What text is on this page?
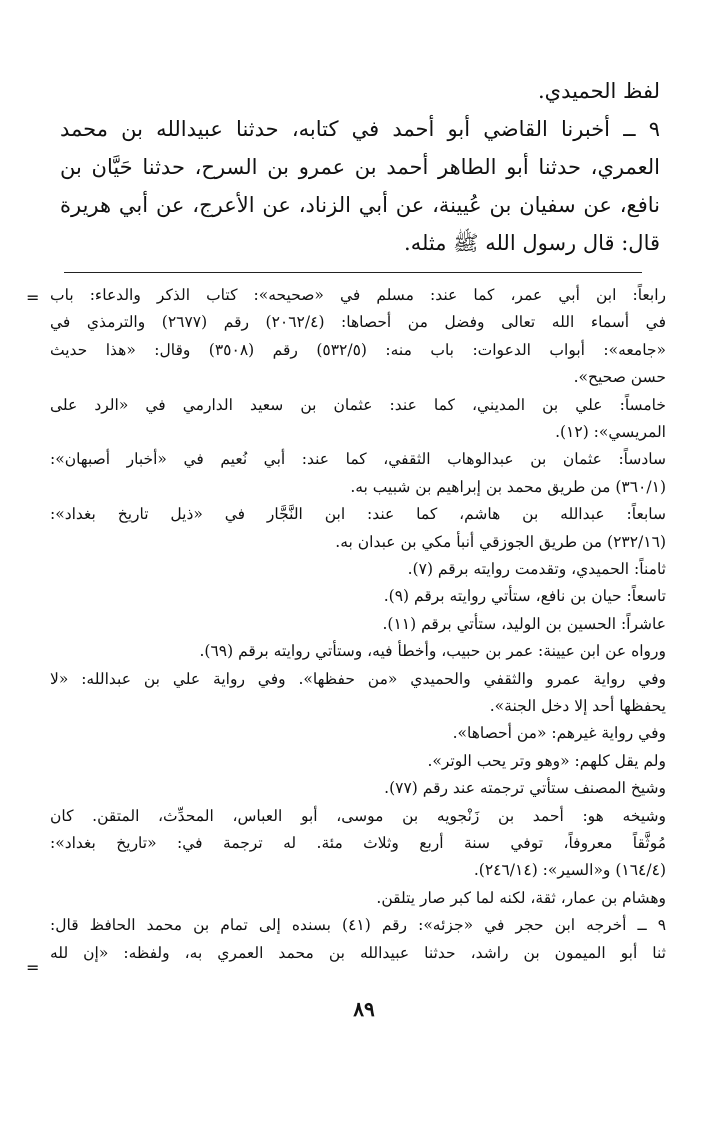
لفظ الحميدي.
٩ ــ أخبرنا القاضي أبو أحمد في كتابه، حدثنا عبيدالله بن محمد
العمري، حدثنا أبو الطاهر أحمد بن عمرو بن السرح، حدثنا حَيَّان بن
نافع، عن سفيان بن عُيينة، عن أبي الزناد، عن الأعرج، عن أبي هريرة
قال: قال رسول الله ﷺ مثله.
= رابعاً: ابن أبي عمر، كما عند: مسلم في «صحيحه»: كتاب الذكر والدعاء: باب
في أسماء الله تعالى وفضل من أحصاها: (٢٠٦٢/٤) رقم (٢٦٧٧) والترمذي في
«جامعه»: أبواب الدعوات: باب منه: (٥٣٢/٥) رقم (٣٥٠٨) وقال: «هذا حديث
حسن صحيح».
خامساً: علي بن المديني، كما عند: عثمان بن سعيد الدارمي في «الرد على
المريسي»: (١٢).
سادساً: عثمان بن عبدالوهاب الثقفي، كما عند: أبي نُعيم في «أخبار أصبهان»:
(٣٦٠/١) من طريق محمد بن إبراهيم بن شبيب به.
سابعاً: عبدالله بن هاشم، كما عند: ابن النَّجَّار في «ذيل تاريخ بغداد»:
(٢٣٢/١٦) من طريق الجوزقي أنبأ مكي بن عبدان به.
ثامناً: الحميدي، وتقدمت روايته برقم (٧).
تاسعاً: حيان بن نافع، ستأتي روايته برقم (٩).
عاشراً: الحسين بن الوليد، ستأتي برقم (١١).
ورواه عن ابن عيينة: عمر بن حبيب، وأخطأ فيه، وستأتي روايته برقم (٦٩).
وفي رواية عمرو والثقفي والحميدي «من حفظها». وفي رواية علي بن عبدالله: «لا
يحفظها أحد إلا دخل الجنة».
وفي رواية غيرهم: «من أحصاها».
ولم يقل كلهم: «وهو وتر يحب الوتر».
وشيخ المصنف ستأتي ترجمته عند رقم (٧٧).
وشيخه هو: أحمد بن زَنْجويه بن موسى، أبو العباس، المحدِّث، المتقن. كان
مُوثَّقاً معروفاً، توفي سنة أربع وثلاث مئة. له ترجمة في: «تاريخ بغداد»:
(١٦٤/٤) و«السير»: (٢٤٦/١٤).
وهشام بن عمار، ثقة، لكنه لما كبر صار يتلقن.
٩ ــ أخرجه ابن حجر في «جزئه»: رقم (٤١) بسنده إلى تمام بن محمد الحافظ قال:
ثنا أبو الميمون بن راشد، حدثنا عبيدالله بن محمد العمري به، ولفظه: «إن لله
=
٨٩
